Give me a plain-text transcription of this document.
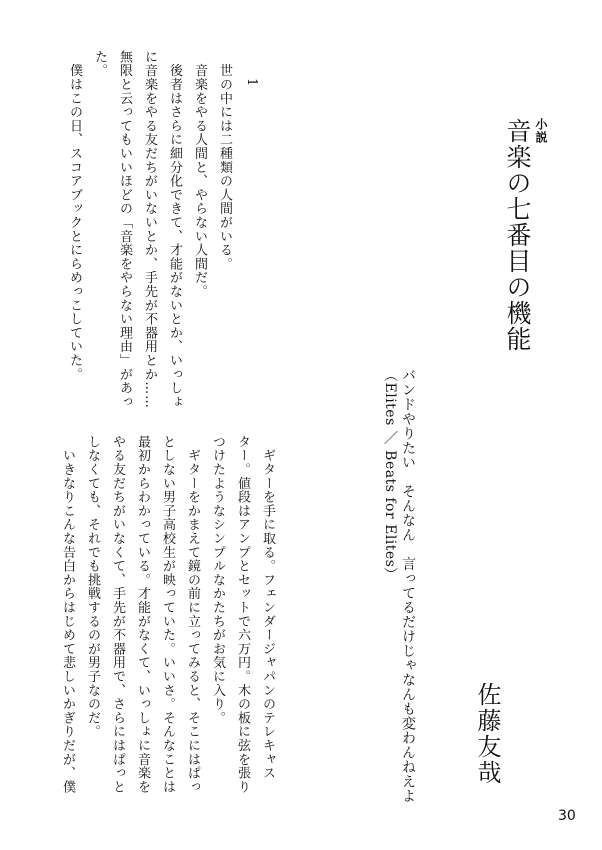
小説
音楽の七番目の機能
バンドやりたい　そんなん　言ってるだけじゃなんも変わんねえよ
（Elites ／ Beats for Elites）
佐藤友哉
1

　世の中には二種類の人間がいる。

　音楽をやる人間と、やらない人間だ。

　後者はさらに細分化できて、才能がないとか、いっしょ

に音楽をやる友だちがいないとか、手先が不器用とか……

無限と云ってもいいほどの「音楽をやらない理由」があっ

た。

　僕はこの日、スコアブックとにらめっこしていた。

　ギターを手に取る。フェンダージャパンのテレキャス

ター。値段はアンプとセットで六万円。木の板に弦を張り

つけたようなシンプルなかたちがお気に入り。

　ギターをかまえて鏡の前に立ってみると、そこにはぱっ

としない男子高校生が映っていた。いいさ。そんなことは

最初からわかっている。才能がなくて、いっしょに音楽を

やる友だちがいなくて、手先が不器用で、さらにはぱっと

しなくても、それでも挑戦するのが男子なのだ。

　いきなりこんな告白からはじめて悲しいかぎりだが、僕

30
